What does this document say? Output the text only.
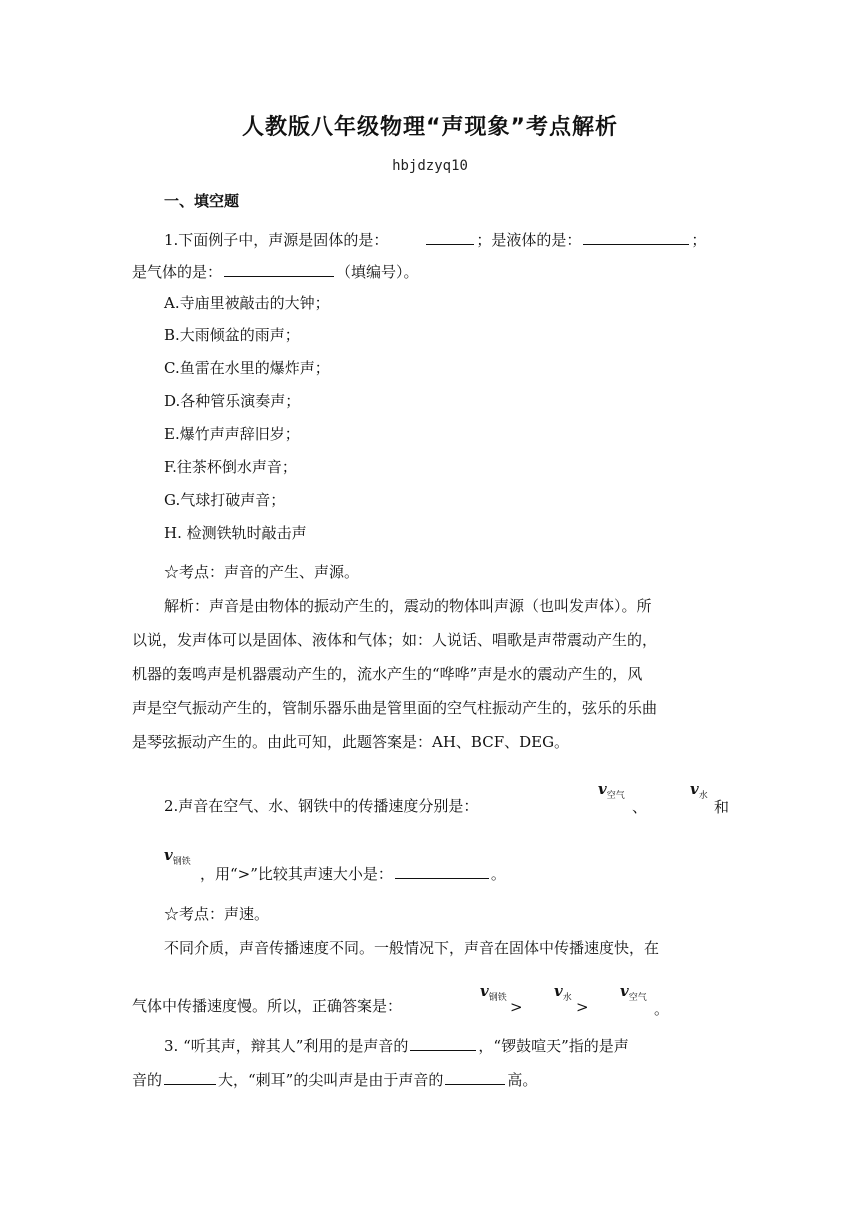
人教版八年级物理“声现象”考点解析
hbjdzyq10
一、填空题
1.下面例子中，声源是固体的是：	；是液体的是：	；
是气体的是：	（填编号）。
A.寺庙里被敲击的大钟；
B.大雨倾盆的雨声；
C.鱼雷在水里的爆炸声；
D.各种管乐演奏声；
E.爆竹声声辞旧岁；
F.往茶杯倒水声音；
G.气球打破声音；
H. 检测铁轨时敲击声
☆考点：声音的产生、声源。
解析：声音是由物体的振动产生的，震动的物体叫声源（也叫发声体）。所
以说，发声体可以是固体、液体和气体；如：人说话、唱歌是声带震动产生的，
机器的轰鸣声是机器震动产生的，流水产生的“哗哗”声是水的震动产生的，风
声是空气振动产生的，管制乐器乐曲是管里面的空气柱振动产生的，弦乐的乐曲
是琴弦振动产生的。由此可知，此题答案是：AH、BCF、DEG。
2.声音在空气、水、钢铁中的传播速度分别是：
$v_{空气}$
、
$v_水$
和
$v_{钢铁}$
，用“>”比较其声速大小是：	。
☆考点：声速。
不同介质，声音传播速度不同。一般情况下，声音在固体中传播速度快，在
气体中传播速度慢。所以，正确答案是：
$v_{钢铁}$ >
$v_水$ >
$v_{空气}$
。
3. “听其声，辩其人”利用的是声音的	，“锣鼓喧天”指的是声
音的	大，“刺耳”的尖叫声是由于声音的	高。
